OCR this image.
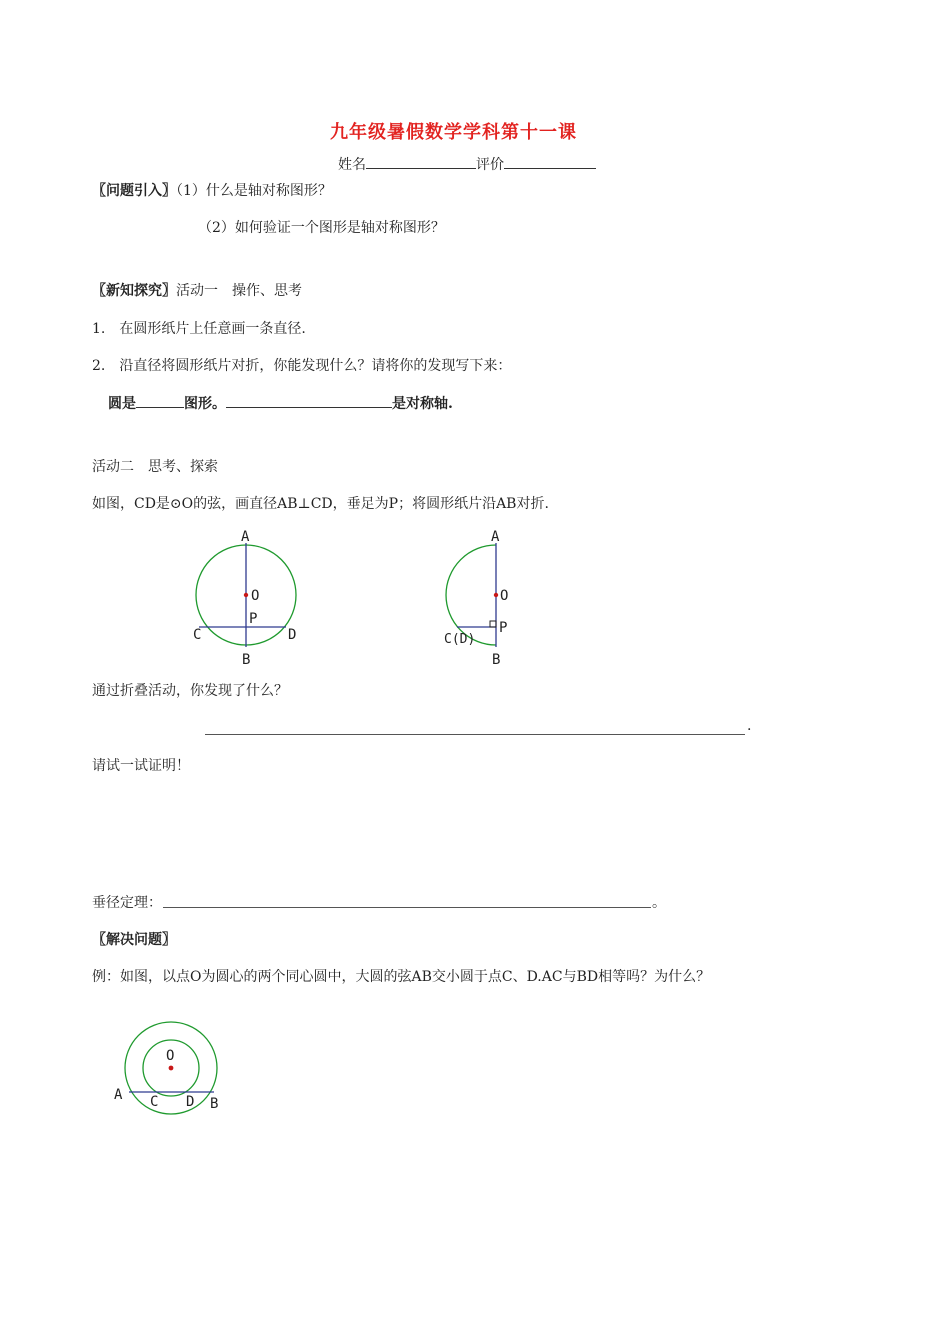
九年级暑假数学学科第十一课
姓名	评价
〖问题引入〗（1）什么是轴对称图形？
（2）如何验证一个图形是轴对称图形？
〖新知探究〗活动一　操作、思考
1.　在圆形纸片上任意画一条直径.
2.　沿直径将圆形纸片对折，你能发现什么？请将你的发现写下来：
圆是	图形。	是对称轴.
活动二　思考、探索
如图，CD是⊙O的弦，画直径AB⊥CD，垂足为P；将圆形纸片沿AB对折.
A
O
P
C	D
B
A
O
P
C(D)
B
通过折叠活动，你发现了什么？
.
请试一试证明！
垂径定理：	。
〖解决问题〗
例：如图，以点O为圆心的两个同心圆中，大圆的弦AB交小圆于点C、D.AC与BD相等吗？为什么？
O
A C D B
